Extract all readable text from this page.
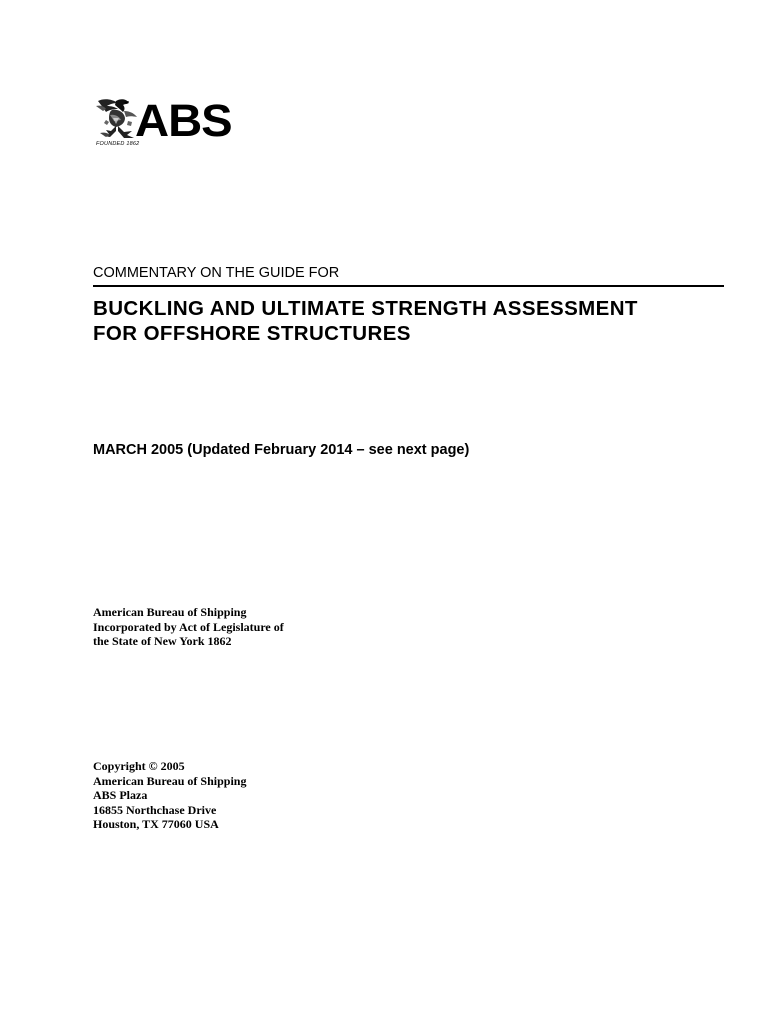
ABS
FOUNDED 1862
COMMENTARY ON THE GUIDE FOR
BUCKLING AND ULTIMATE STRENGTH ASSESSMENT
FOR OFFSHORE STRUCTURES
MARCH 2005 (Updated February 2014 – see next page)
American Bureau of Shipping
Incorporated by Act of Legislature of
the State of New York 1862
Copyright © 2005
American Bureau of Shipping
ABS Plaza
16855 Northchase Drive
Houston, TX 77060 USA
